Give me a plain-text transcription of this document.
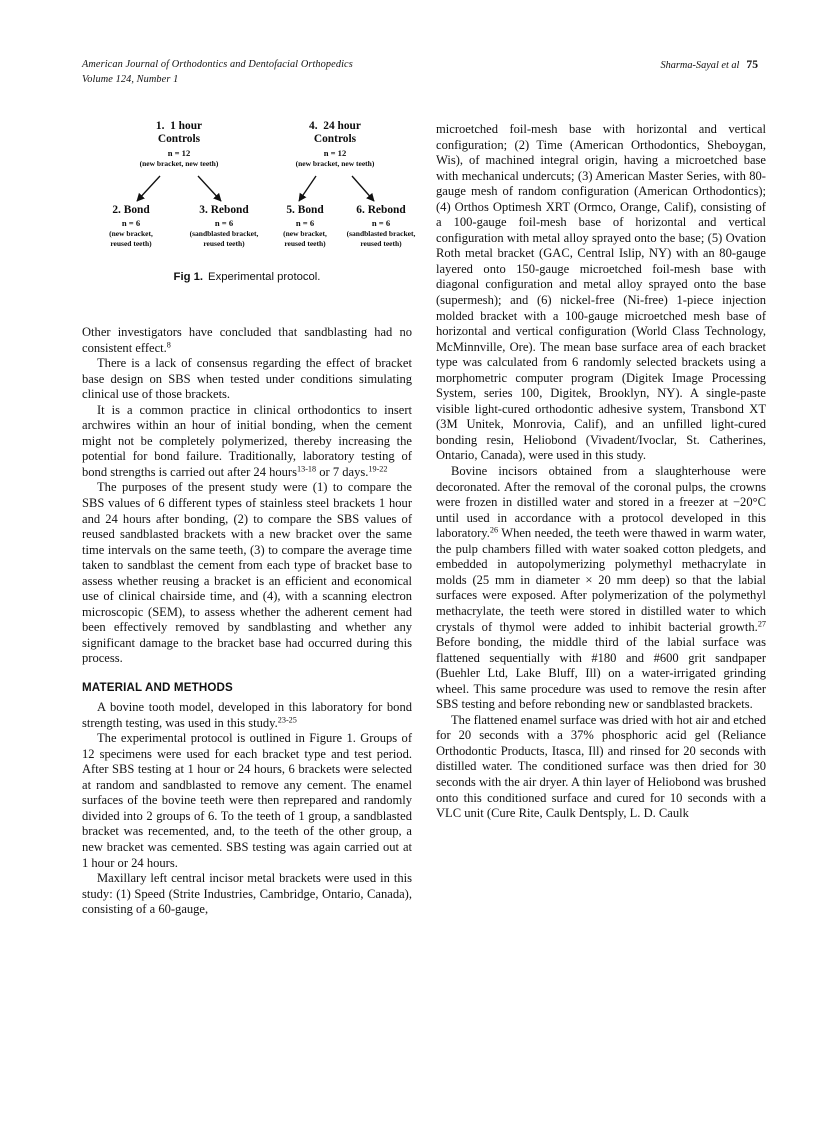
American Journal of Orthodontics and Dentofacial Orthopedics
Volume 124, Number 1
Sharma-Sayal et al 75
1. 1 hour
Controls
n = 12
(new bracket, new teeth)
4. 24 hour
Controls
n = 12
(new bracket, new teeth)
2. Bond
n = 6
(new bracket,
reused teeth)
3. Rebond
n = 6
(sandblasted bracket,
reused teeth)
5. Bond
n = 6
(new bracket,
reused teeth)
6. Rebond
n = 6
(sandblasted bracket,
reused teeth)
Fig 1. Experimental protocol.

Other investigators have concluded that sandblasting had no consistent effect.$^8$

There is a lack of consensus regarding the effect of bracket base design on SBS when tested under conditions simulating clinical use of those brackets.

It is a common practice in clinical orthodontics to insert archwires within an hour of initial bonding, when the cement might not be completely polymerized, thereby increasing the potential for bond failure. Traditionally, laboratory testing of bond strengths is carried out after 24 hours$^{13-18}$ or 7 days.$^{19-22}$

The purposes of the present study were (1) to compare the SBS values of 6 different types of stainless steel brackets 1 hour and 24 hours after bonding, (2) to compare the SBS values of reused sandblasted brackets with a new bracket over the same time intervals on the same teeth, (3) to compare the average time taken to sandblast the cement from each type of bracket base to assess whether reusing a bracket is an efficient and economical use of clinical chairside time, and (4), with a scanning electron microscopic (SEM), to assess whether the adherent cement had been effectively removed by sandblasting and whether any significant damage to the bracket base had occurred during this process.

MATERIAL AND METHODS

A bovine tooth model, developed in this laboratory for bond strength testing, was used in this study.$^{23-25}$

The experimental protocol is outlined in Figure 1. Groups of 12 specimens were used for each bracket type and test period. After SBS testing at 1 hour or 24 hours, 6 brackets were selected at random and sandblasted to remove any cement. The enamel surfaces of the bovine teeth were then reprepared and randomly divided into 2 groups of 6. To the teeth of 1 group, a sandblasted bracket was recemented, and, to the teeth of the other group, a new bracket was cemented. SBS testing was again carried out at 1 hour or 24 hours.

Maxillary left central incisor metal brackets were used in this study: (1) Speed (Strite Industries, Cambridge, Ontario, Canada), consisting of a 60-gauge,

microetched foil-mesh base with horizontal and vertical configuration; (2) Time (American Orthodontics, Sheboygan, Wis), of machined integral origin, having a microetched base with mechanical undercuts; (3) American Master Series, with 80-gauge mesh of random configuration (American Orthodontics); (4) Orthos Optimesh XRT (Ormco, Orange, Calif), consisting of a 100-gauge foil-mesh base of horizontal and vertical configuration with metal alloy sprayed onto the base; (5) Ovation Roth metal bracket (GAC, Central Islip, NY) with an 80-gauge layered onto 150-gauge microetched foil-mesh base with diagonal configuration and metal alloy sprayed onto the base (supermesh); and (6) nickel-free (Ni-free) 1-piece injection molded bracket with a 100-gauge microetched mesh base of horizontal and vertical configuration (World Class Technology, McMinnville, Ore). The mean base surface area of each bracket type was calculated from 6 randomly selected brackets using a morphometric computer program (Digitek Image Processing System, series 100, Digitek, Brooklyn, NY). A single-paste visible light-cured orthodontic adhesive system, Transbond XT (3M Unitek, Monrovia, Calif), and an unfilled light-cured bonding resin, Heliobond (Vivadent/Ivoclar, St. Catherines, Ontario, Canada), were used in this study.

Bovine incisors obtained from a slaughterhouse were decoronated. After the removal of the coronal pulps, the crowns were frozen in distilled water and stored in a freezer at −20°C until used in accordance with a protocol developed in this laboratory.$^{26}$ When needed, the teeth were thawed in warm water, the pulp chambers filled with water soaked cotton pledgets, and embedded in autopolymerizing polymethyl methacrylate in molds (25 mm in diameter × 20 mm deep) so that the labial surfaces were exposed. After polymerization of the polymethyl methacrylate, the teeth were stored in distilled water to which crystals of thymol were added to inhibit bacterial growth.$^{27}$ Before bonding, the middle third of the labial surface was flattened sequentially with #180 and #600 grit sandpaper (Buehler Ltd, Lake Bluff, Ill) on a water-irrigated grinding wheel. This same procedure was used to remove the resin after SBS testing and before rebonding new or sandblasted brackets.

The flattened enamel surface was dried with hot air and etched for 20 seconds with a 37% phosphoric acid gel (Reliance Orthodontic Products, Itasca, Ill) and rinsed for 20 seconds with distilled water. The conditioned surface was then dried for 30 seconds with the air dryer. A thin layer of Heliobond was brushed onto this conditioned surface and cured for 10 seconds with a VLC unit (Cure Rite, Caulk Dentsply, L. D. Caulk
